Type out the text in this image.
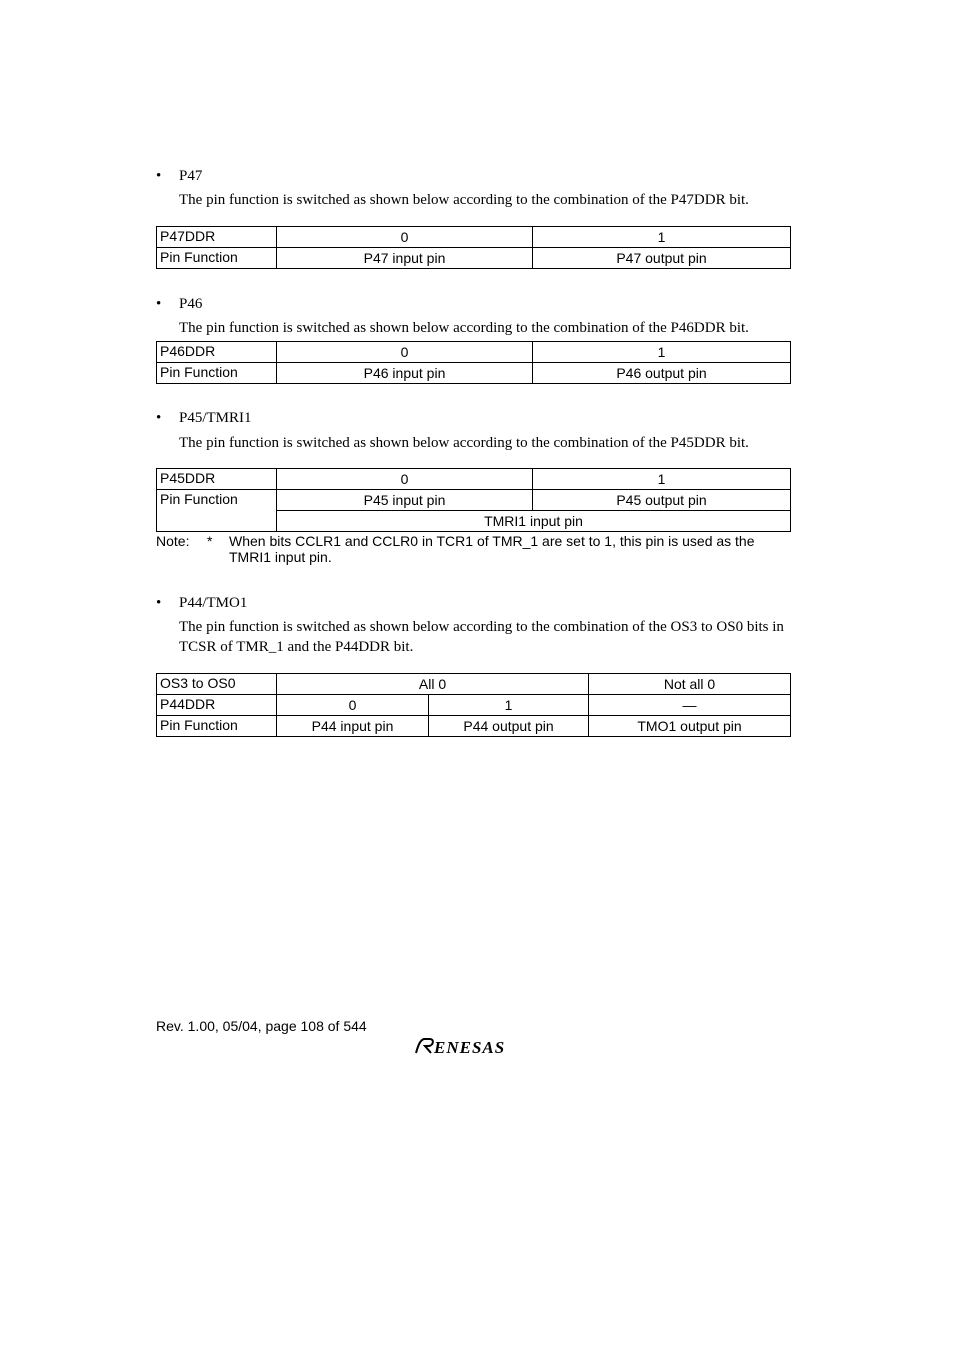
• P47
The pin function is switched as shown below according to the combination of the P47DDR bit.
P47DDR	0	1
Pin Function	P47 input pin	P47 output pin
• P46
The pin function is switched as shown below according to the combination of the P46DDR bit.
P46DDR	0	1
Pin Function	P46 input pin	P46 output pin
• P45/TMRI1
The pin function is switched as shown below according to the combination of the P45DDR bit.
P45DDR	0	1
Pin Function	P45 input pin	P45 output pin
	TMRI1 input pin	
Note: * When bits CCLR1 and CCLR0 in TCR1 of TMR_1 are set to 1, this pin is used as the TMRI1 input pin.
• P44/TMO1
The pin function is switched as shown below according to the combination of the OS3 to OS0 bits in TCSR of TMR_1 and the P44DDR bit.
OS3 to OS0	All 0		Not all 0
P44DDR	0	1	—
Pin Function	P44 input pin	P44 output pin	TMO1 output pin
Rev. 1.00, 05/04, page 108 of 544
ENESAS
